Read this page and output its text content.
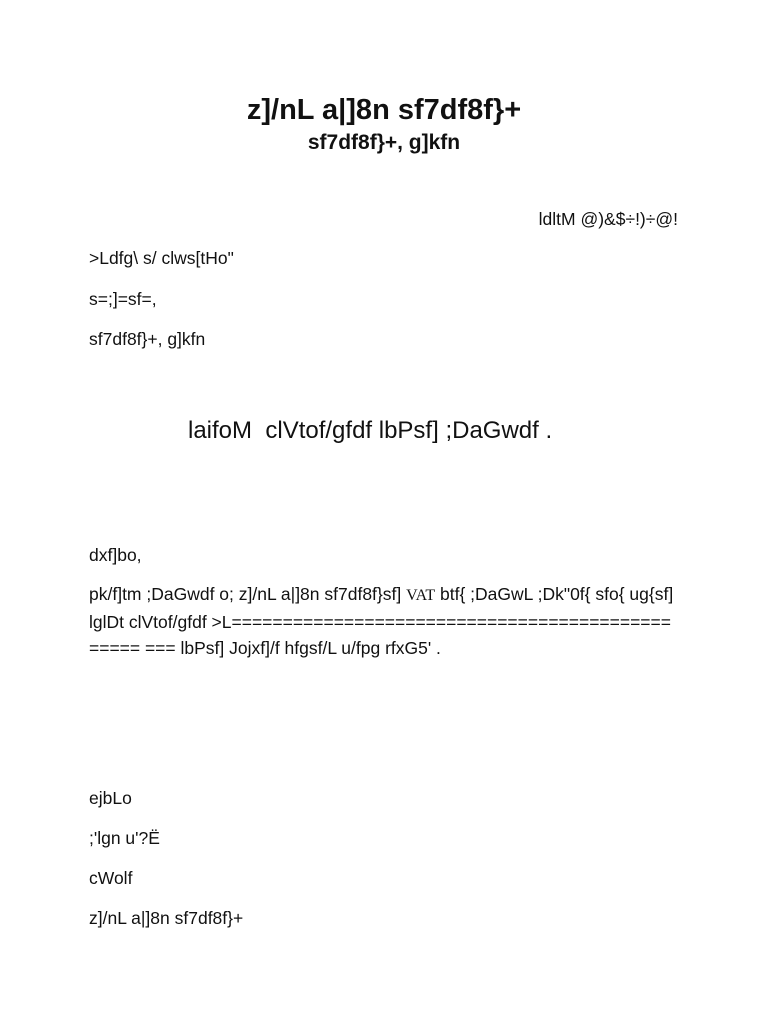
z]/nL a|]8n sf7df8f}+
sf7df8f}+, g]kfn
ldltM @)&$÷!)÷@!
>Ldfg\ s/ clws[tHo"
s=;]=sf=,
sf7df8f}+, g]kfn
laifoM  clVtof/gfdf lbPsf] ;DaGwdf .
dxf]bo,
pk/f]tm ;DaGwdf o; z]/nL a|]8n sf7df8f}sf] VAT btf{ ;DaGwL ;Dk"0f{ sfo{ ug{sf] lglDt clVtof/gfdf >L================================================ === lbPsf] Jojxf]/f hfgsf/L u/fpg rfxG5' .
ejbLo
;'lgn u'?Ë
cWolf
z]/nL a|]8n sf7df8f}+
